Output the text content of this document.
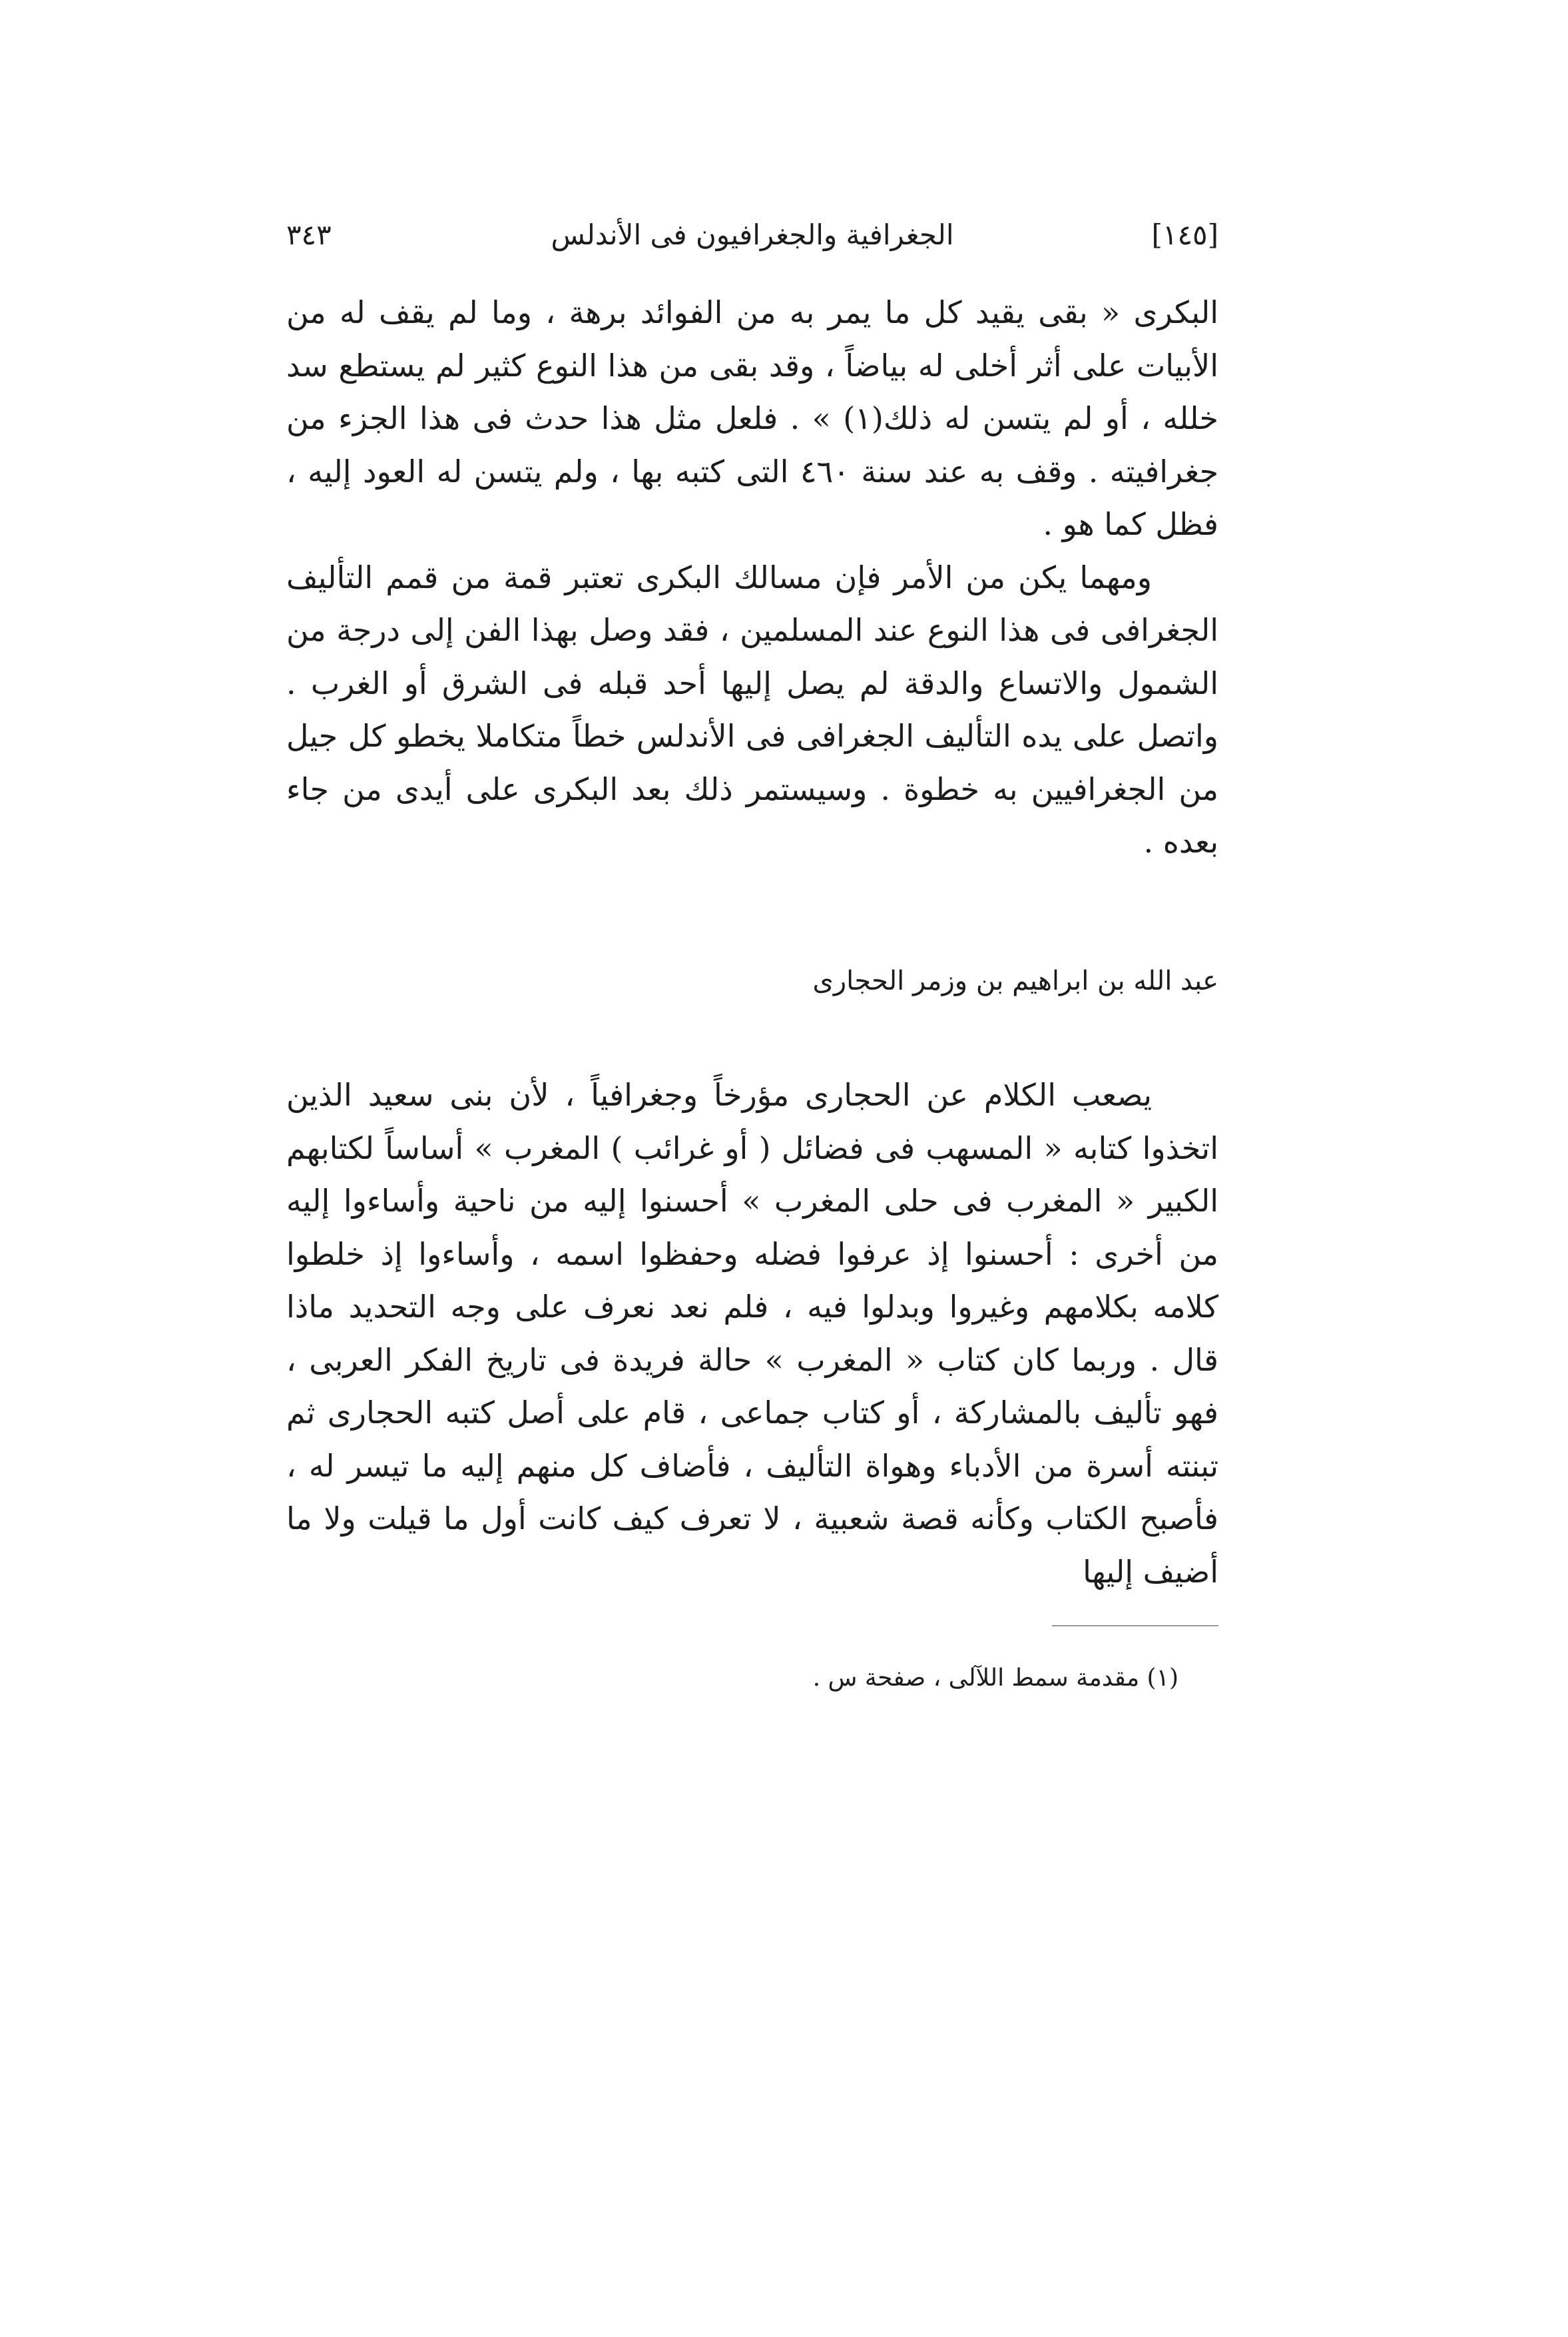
[١٤٥]
الجغرافية والجغرافيون فى الأندلس
٣٤٣

البكرى « بقى يقيد كل ما يمر به من الفوائد برهة ، وما لم يقف له من الأبيات على أثر أخلى له بياضاً ، وقد بقى من هذا النوع كثير لم يستطع سد خلله ، أو لم يتسن له ذلك(١) » . فلعل مثل هذا حدث فى هذا الجزء من جغرافيته . وقف به عند سنة ٤٦٠ التى كتبه بها ، ولم يتسن له العود إليه ، فظل كما هو .

ومهما يكن من الأمر فإن مسالك البكرى تعتبر قمة من قمم التأليف الجغرافى فى هذا النوع عند المسلمين ، فقد وصل بهذا الفن إلى درجة من الشمول والاتساع والدقة لم يصل إليها أحد قبله فى الشرق أو الغرب . واتصل على يده التأليف الجغرافى فى الأندلس خطاً متكاملا يخطو كل جيل من الجغرافيين به خطوة . وسيستمر ذلك بعد البكرى على أيدى من جاء بعده .

عبد الله بن ابراهيم بن وزمر الحجارى

يصعب الكلام عن الحجارى مؤرخاً وجغرافياً ، لأن بنى سعيد الذين اتخذوا كتابه « المسهب فى فضائل ( أو غرائب ) المغرب » أساساً لكتابهم الكبير « المغرب فى حلى المغرب » أحسنوا إليه من ناحية وأساءوا إليه من أخرى : أحسنوا إذ عرفوا فضله وحفظوا اسمه ، وأساءوا إذ خلطوا كلامه بكلامهم وغيروا وبدلوا فيه ، فلم نعد نعرف على وجه التحديد ماذا قال . وربما كان كتاب « المغرب » حالة فريدة فى تاريخ الفكر العربى ، فهو تأليف بالمشاركة ، أو كتاب جماعى ، قام على أصل كتبه الحجارى ثم تبنته أسرة من الأدباء وهواة التأليف ، فأضاف كل منهم إليه ما تيسر له ، فأصبح الكتاب وكأنه قصة شعبية ، لا تعرف كيف كانت أول ما قيلت ولا ما أضيف إليها

(١) مقدمة سمط اللآلى ، صفحة س .
